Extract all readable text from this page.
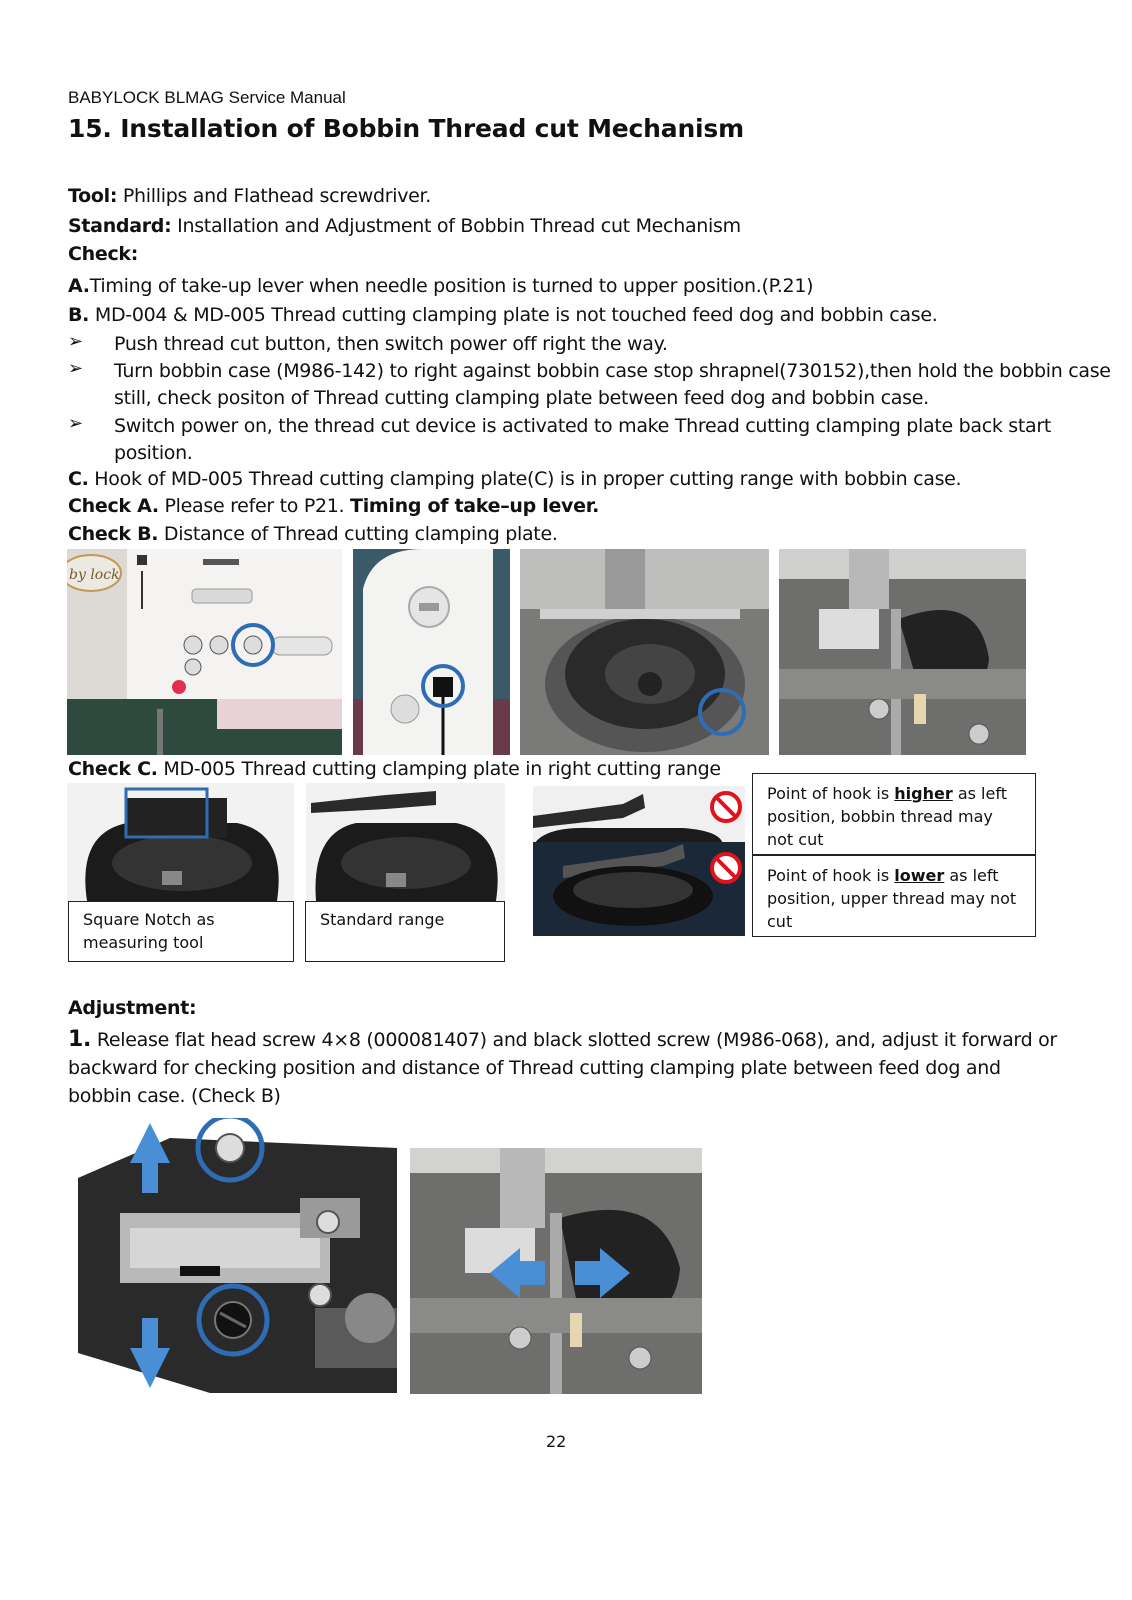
BABYLOCK BLMAG Service Manual
15. Installation of Bobbin Thread cut Mechanism
Tool: Phillips and Flathead screwdriver.
Standard: Installation and Adjustment of Bobbin Thread cut Mechanism
Check:
A.Timing of take-up lever when needle position is turned to upper position.(P.21)
B. MD-004 & MD-005 Thread cutting clamping plate is not touched feed dog and bobbin case.
➢ Push thread cut button, then switch power off right the way.
➢ Turn bobbin case (M986-142) to right against bobbin case stop shrapnel(730152),then hold the bobbin case still, check positon of Thread cutting clamping plate between feed dog and bobbin case.
➢ Switch power on, the thread cut device is activated to make Thread cutting clamping plate back start position.
C. Hook of MD-005 Thread cutting clamping plate(C) is in proper cutting range with bobbin case.
Check A. Please refer to P21. Timing of take–up lever.
Check B. Distance of Thread cutting clamping plate.
by lock
Check C. MD-005 Thread cutting clamping plate in right cutting range
Square Notch as measuring tool
Standard range
Point of hook is higher as left position, bobbin thread may not cut
Point of hook is lower as left position, upper thread may not cut
Adjustment:
1. Release flat head screw 4×8 (000081407) and black slotted screw (M986-068), and, adjust it forward or backward for checking position and distance of Thread cutting clamping plate between feed dog and bobbin case. (Check B)
22
